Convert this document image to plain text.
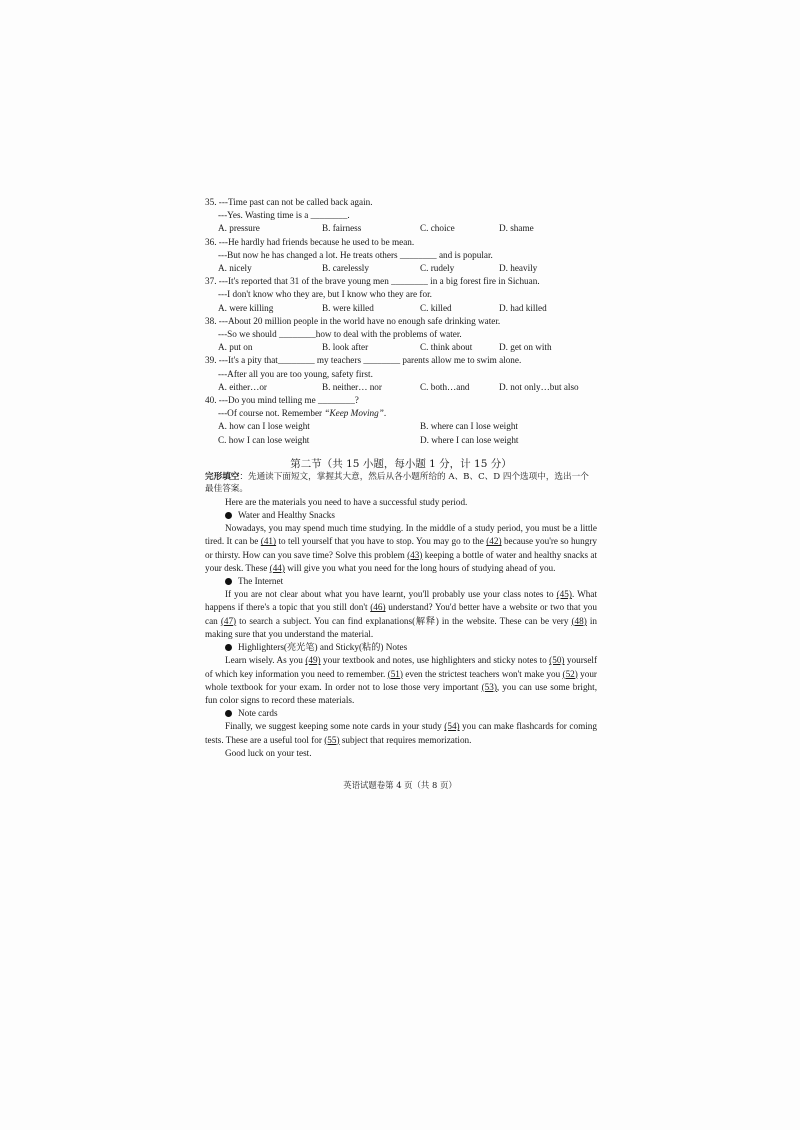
35. ---Time past can not be called back again.
---Yes. Wasting time is a ________.
A. pressure	B. fairness	C. choice	D. shame
36. ---He hardly had friends because he used to be mean.
---But now he has changed a lot. He treats others ________ and is popular.
A. nicely	B. carelessly	C. rudely	D. heavily
37. ---It's reported that 31 of the brave young men ________ in a big forest fire in Sichuan.
---I don't know who they are, but I know who they are for.
A. were killing	B. were killed	C. killed	D. had killed
38. ---About 20 million people in the world have no enough safe drinking water.
---So we should ________how to deal with the problems of water.
A. put on	B. look after	C. think about	D. get on with
39. ---It's a pity that________ my teachers ________ parents allow me to swim alone.
---After all you are too young, safety first.
A. either…or	B. neither… nor	C. both…and	D. not only…but also
40. ---Do you mind telling me ________?
---Of course not. Remember “Keep Moving”.
A. how can I lose weight	B. where can I lose weight
C. how I can lose weight	D. where I can lose weight
第二节（共 15 小题，每小题 1 分，计 15 分）
完形填空：先通读下面短文，掌握其大意，然后从各小题所给的 A、B、C、D 四个选项中，选出一个最佳答案。
Here are the materials you need to have a successful study period.
Water and Healthy Snacks
Nowadays, you may spend much time studying. In the middle of a study period, you must be a little tired. It can be (41) to tell yourself that you have to stop. You may go to the (42) because you're so hungry or thirsty. How can you save time? Solve this problem (43) keeping a bottle of water and healthy snacks at your desk. These (44) will give you what you need for the long hours of studying ahead of you.
The Internet
If you are not clear about what you have learnt, you'll probably use your class notes to (45). What happens if there's a topic that you still don't (46) understand? You'd better have a website or two that you can (47) to search a subject. You can find explanations(解释) in the website. These can be very (48) in making sure that you understand the material.
Highlighters(亮光笔) and Sticky(粘的) Notes
Learn wisely. As you (49) your textbook and notes, use highlighters and sticky notes to (50) yourself of which key information you need to remember. (51) even the strictest teachers won't make you (52) your whole textbook for your exam. In order not to lose those very important (53), you can use some bright, fun color signs to record these materials.
Note cards
Finally, we suggest keeping some note cards in your study (54) you can make flashcards for coming tests. These are a useful tool for (55) subject that requires memorization.
Good luck on your test.
英语试题卷第 4 页（共 8 页）
